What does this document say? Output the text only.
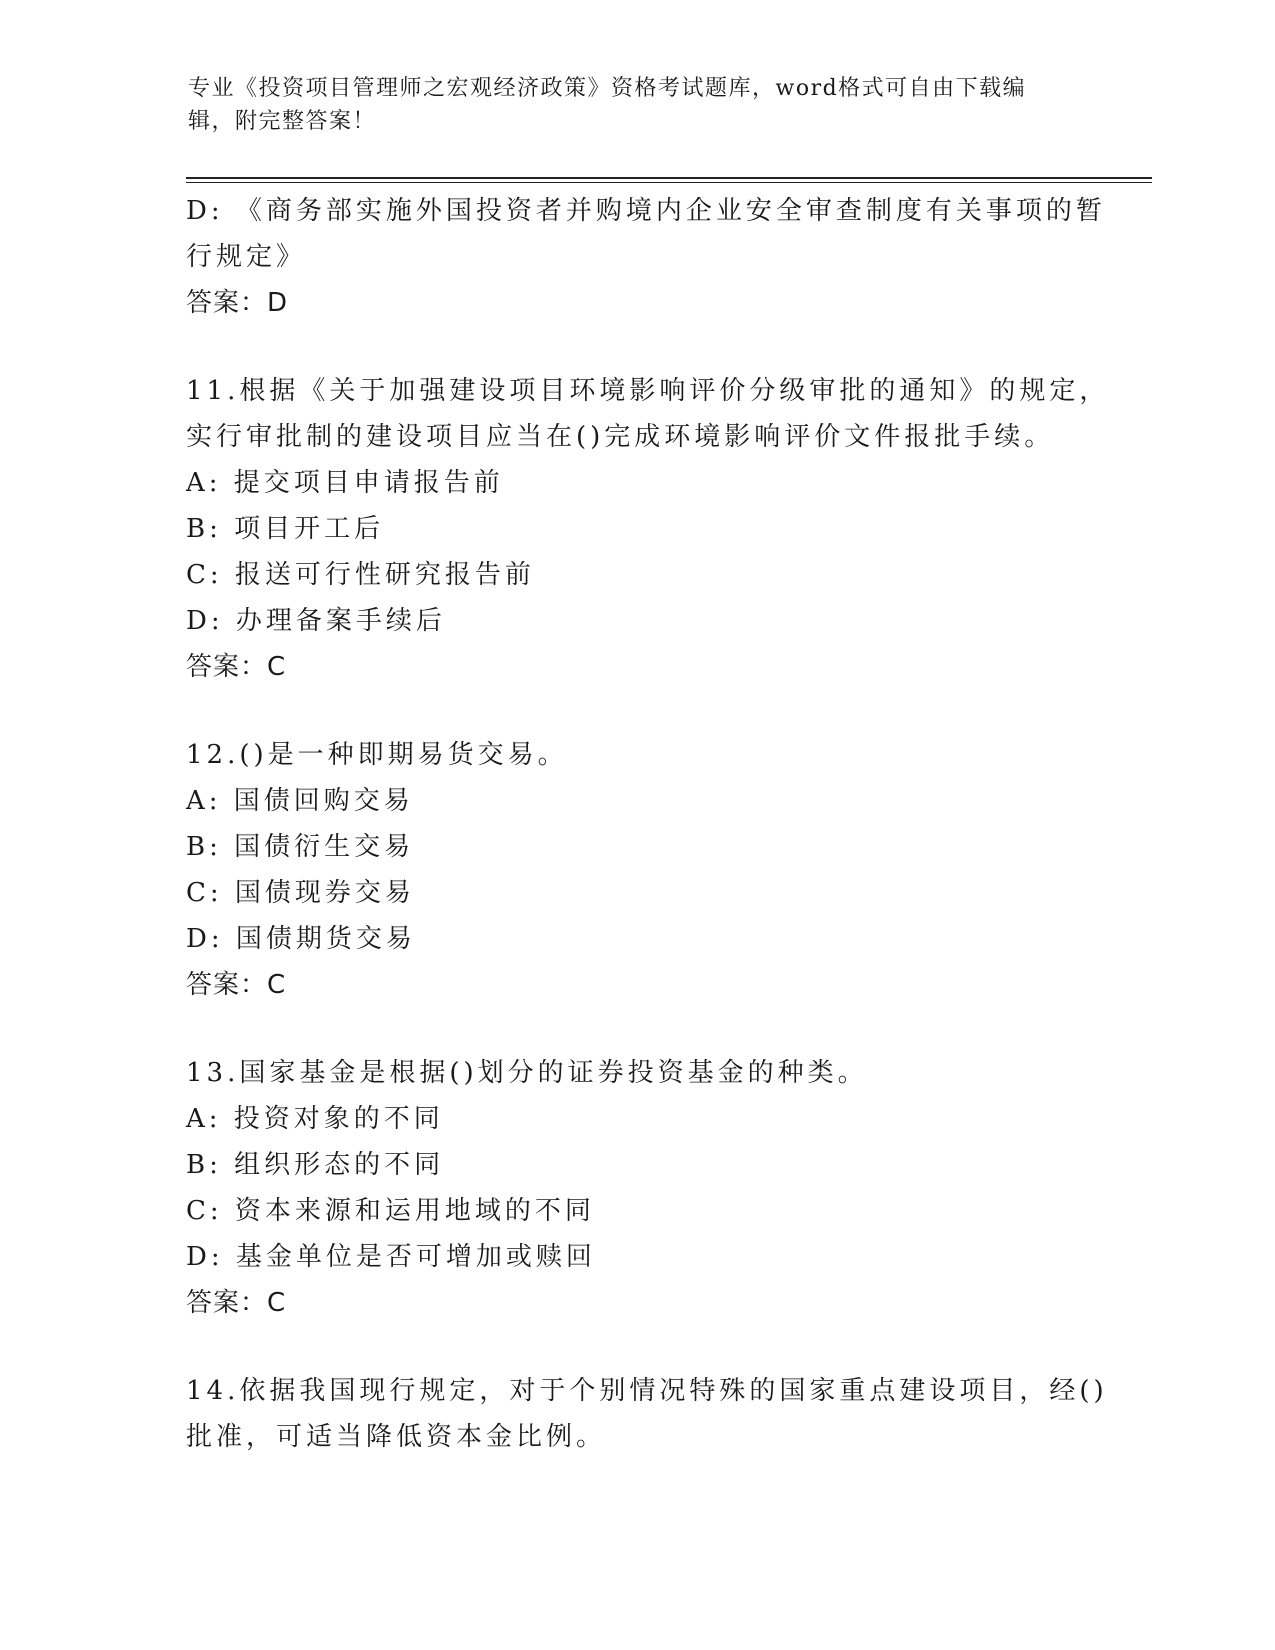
专业《投资项目管理师之宏观经济政策》资格考试题库，word格式可自由下载编
辑，附完整答案！
D: 《商务部实施外国投资者并购境内企业安全审查制度有关事项的暂
行规定》
答案：D
11.根据《关于加强建设项目环境影响评价分级审批的通知》的规定，
实行审批制的建设项目应当在()完成环境影响评价文件报批手续。
A: 提交项目申请报告前
B: 项目开工后
C: 报送可行性研究报告前
D: 办理备案手续后
答案：C
12.()是一种即期易货交易。
A: 国债回购交易
B: 国债衍生交易
C: 国债现券交易
D: 国债期货交易
答案：C
13.国家基金是根据()划分的证券投资基金的种类。
A: 投资对象的不同
B: 组织形态的不同
C: 资本来源和运用地域的不同
D: 基金单位是否可增加或赎回
答案：C
14.依据我国现行规定，对于个别情况特殊的国家重点建设项目，经()
批准，可适当降低资本金比例。
